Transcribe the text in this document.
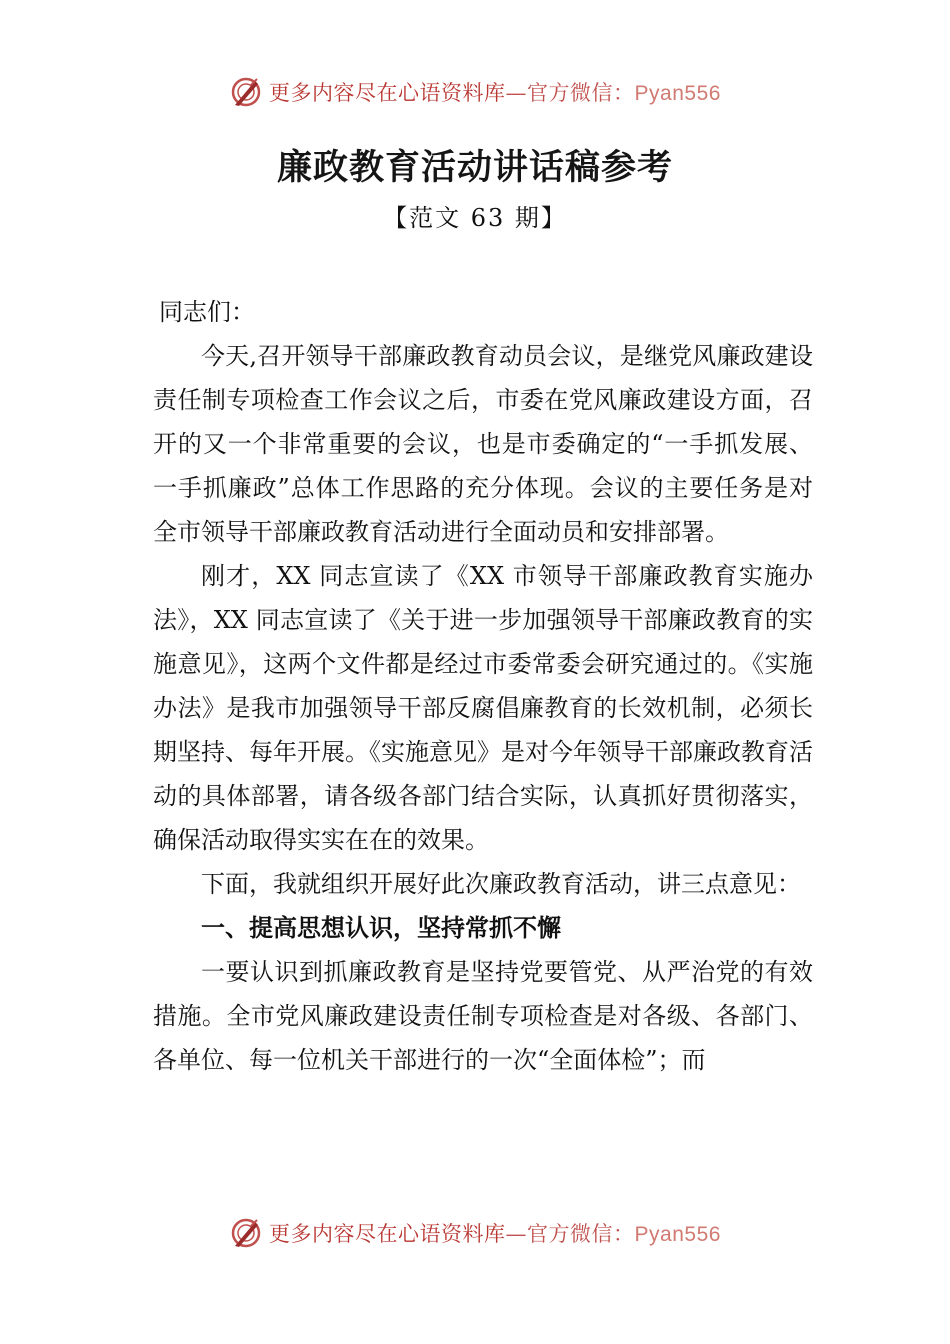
更多内容尽在心语资料库—官方微信：Pyan556
廉政教育活动讲话稿参考
【范文 63 期】

同志们：

今天,召开领导干部廉政教育动员会议，是继党风廉政建设责任制专项检查工作会议之后，市委在党风廉政建设方面，召开的又一个非常重要的会议，也是市委确定的“一手抓发展、一手抓廉政”总体工作思路的充分体现。会议的主要任务是对全市领导干部廉政教育活动进行全面动员和安排部署。

刚才，XX 同志宣读了《XX 市领导干部廉政教育实施办法》，XX 同志宣读了《关于进一步加强领导干部廉政教育的实施意见》，这两个文件都是经过市委常委会研究通过的。《实施办法》是我市加强领导干部反腐倡廉教育的长效机制，必须长期坚持、每年开展。《实施意见》是对今年领导干部廉政教育活动的具体部署，请各级各部门结合实际，认真抓好贯彻落实，确保活动取得实实在在的效果。

下面，我就组织开展好此次廉政教育活动，讲三点意见：

一、提高思想认识，坚持常抓不懈

一要认识到抓廉政教育是坚持党要管党、从严治党的有效措施。全市党风廉政建设责任制专项检查是对各级、各部门、各单位、每一位机关干部进行的一次“全面体检”；而

更多内容尽在心语资料库—官方微信：Pyan556
